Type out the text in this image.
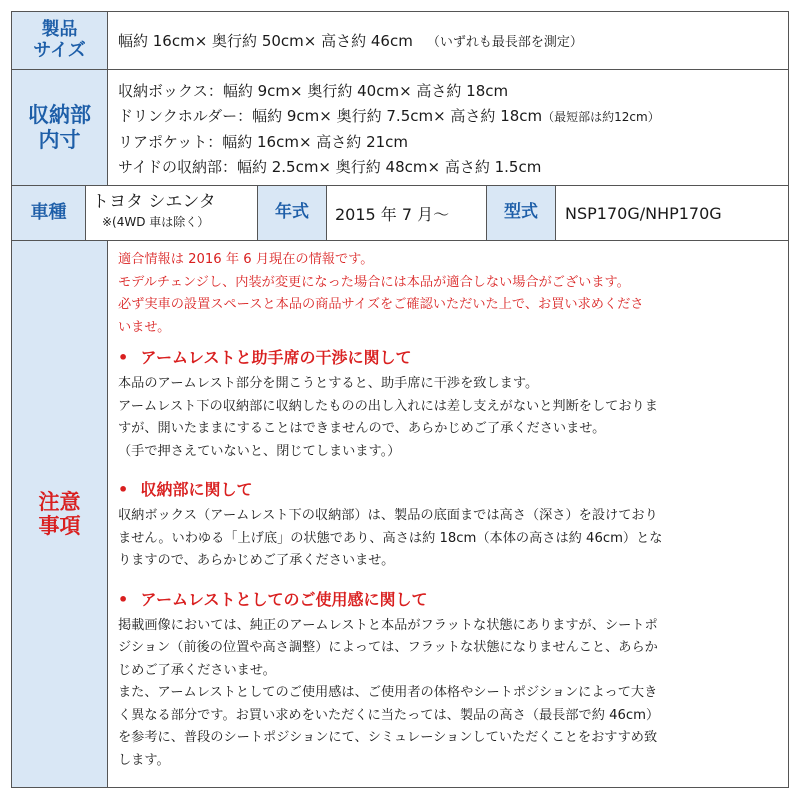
製品
サイズ 幅約 16cm× 奥行約 50cm× 高さ約 46cm （いずれも最長部を測定）
収納部
内寸
収納ボックス：幅約 9cm× 奥行約 40cm× 高さ約 18cm
ドリンクホルダー：幅約 9cm× 奥行約 7.5cm× 高さ約 18cm（最短部は約12cm）
リアポケット：幅約 16cm× 高さ約 21cm
サイドの収納部：幅約 2.5cm× 奥行約 48cm× 高さ約 1.5cm
車種 トヨタ シエンタ
※(4WD 車は除く）	年式 2015 年 7 月〜	型式 NSP170G/NHP170G
注意
事項
適合情報は 2016 年 6 月現在の情報です。
モデルチェンジし、内装が変更になった場合には本品が適合しない場合がございます。
必ず実車の設置スペースと本品の商品サイズをご確認いただいた上で、お買い求めくださ
いませ。
• アームレストと助手席の干渉に関して
本品のアームレスト部分を開こうとすると、助手席に干渉を致します。
アームレスト下の収納部に収納したものの出し入れには差し支えがないと判断をしておりま
すが、開いたままにすることはできませんので、あらかじめご了承くださいませ。
（手で押さえていないと、閉じてしまいます。）
• 収納部に関して
収納ボックス（アームレスト下の収納部）は、製品の底面までは高さ（深さ）を設けており
ません。いわゆる「上げ底」の状態であり、高さは約 18cm（本体の高さは約 46cm）とな
りますので、あらかじめご了承くださいませ。
• アームレストとしてのご使用感に関して
掲載画像においては、純正のアームレストと本品がフラットな状態にありますが、シートポ
ジション（前後の位置や高さ調整）によっては、フラットな状態になりませんこと、あらか
じめご了承くださいませ。
また、アームレストとしてのご使用感は、ご使用者の体格やシートポジションによって大き
く異なる部分です。お買い求めをいただくに当たっては、製品の高さ（最長部で約 46cm）
を参考に、普段のシートポジションにて、シミュレーションしていただくことをおすすめ致
します。
